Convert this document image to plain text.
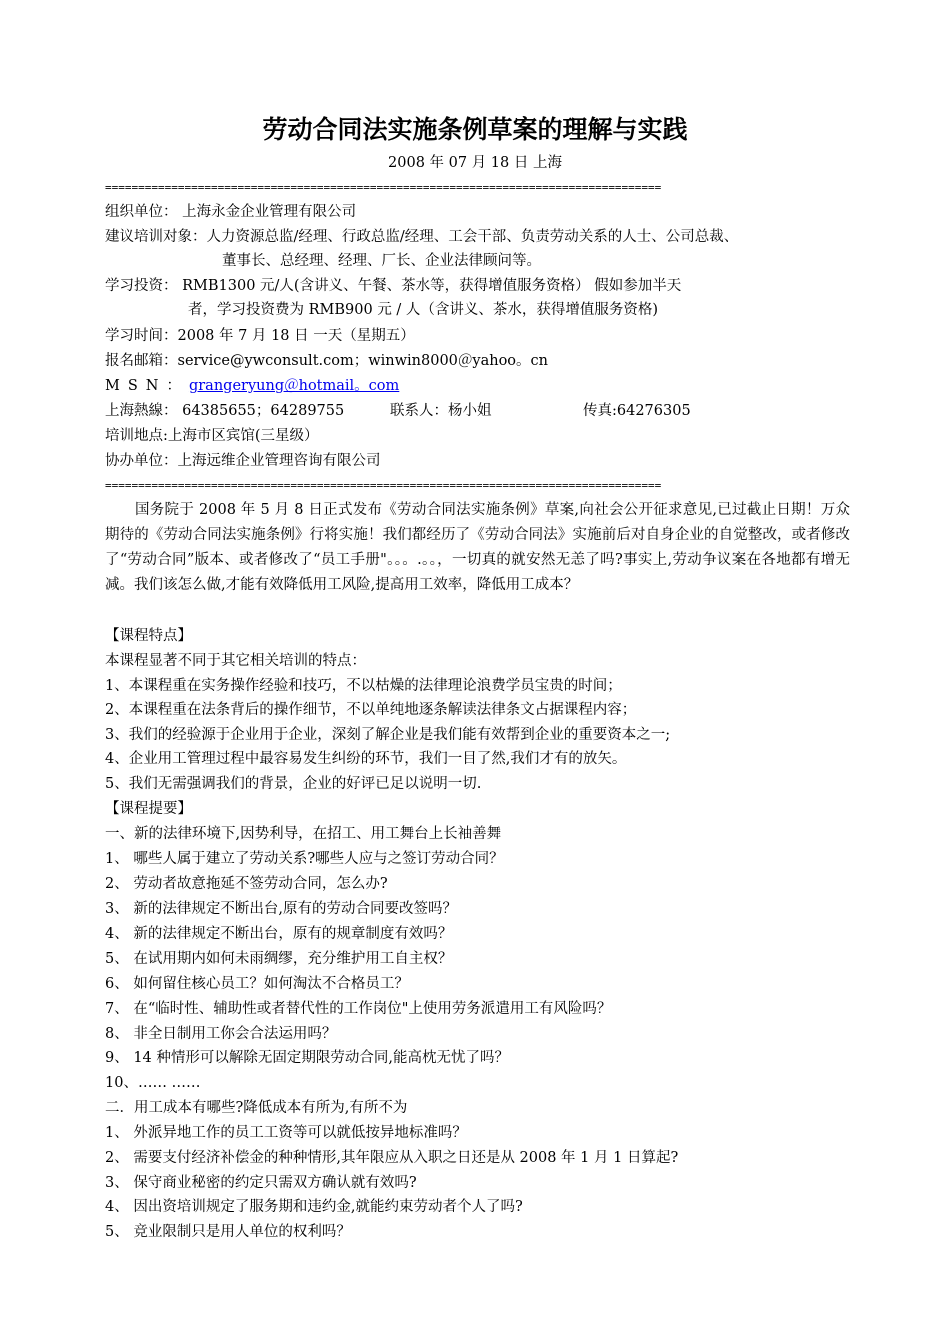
劳动合同法实施条例草案的理解与实践
2008 年 07 月 18 日 上海
====================================================================================
组织单位： 上海永金企业管理有限公司
建议培训对象：人力资源总监/经理、行政总监/经理、工会干部、负责劳动关系的人士、公司总裁、
董事长、总经理、经理、厂长、企业法律顾问等。
学习投资： RMB1300 元/人(含讲义、午餐、茶水等，获得增值服务资格） 假如参加半天
者，学习投资费为 RMB900 元 / 人（含讲义、茶水，获得增值服务资格)
学习时间：2008 年 7 月 18 日 一天（星期五）
报名邮箱：service@ywconsult.com；winwin8000＠yahoo。cn
MSN：grangeryung＠hotmail。com
上海熱線： 64385655；64289755	联系人：杨小姐	传真:64276305
培训地点:上海市区宾馆(三星级）
协办单位：上海远维企业管理咨询有限公司
====================================================================================
国务院于 2008 年 5 月 8 日正式发布《劳动合同法实施条例》草案,向社会公开征求意见,已过截止日期！万众期待的《劳动合同法实施条例》行将实施！我们都经历了《劳动合同法》实施前后对自身企业的自觉整改，或者修改了“劳动合同”版本、或者修改了“员工手册"。。。.。。，一切真的就安然无恙了吗?事实上,劳动争议案在各地都有增无减。我们该怎么做,才能有效降低用工风险,提高用工效率，降低用工成本？
【课程特点】
本课程显著不同于其它相关培训的特点：
1、本课程重在实务操作经验和技巧，不以枯燥的法律理论浪费学员宝贵的时间；
2、本课程重在法条背后的操作细节，不以单纯地逐条解读法律条文占据课程内容；
3、我们的经验源于企业用于企业，深刻了解企业是我们能有效帮到企业的重要资本之一;
4、企业用工管理过程中最容易发生纠纷的环节，我们一目了然,我们才有的放矢。
5、我们无需强调我们的背景，企业的好评已足以说明一切.
【课程提要】
一、新的法律环境下,因势利导，在招工、用工舞台上长袖善舞
1、 哪些人属于建立了劳动关系?哪些人应与之签订劳动合同？
2、 劳动者故意拖延不签劳动合同，怎么办?
3、 新的法律规定不断出台,原有的劳动合同要改签吗？
4、 新的法律规定不断出台，原有的规章制度有效吗？
5、 在试用期内如何未雨绸缪，充分维护用工自主权？
6、 如何留住核心员工？如何淘汰不合格员工？
7、 在“临时性、辅助性或者替代性的工作岗位"上使用劳务派遣用工有风险吗？
8、 非全日制用工你会合法运用吗？
9、 14 种情形可以解除无固定期限劳动合同,能高枕无忧了吗？
10、…… ……
二．用工成本有哪些?降低成本有所为,有所不为
1、 外派异地工作的员工工资等可以就低按异地标准吗？
2、 需要支付经济补偿金的种种情形,其年限应从入职之日还是从 2008 年 1 月 1 日算起?
3、 保守商业秘密的约定只需双方确认就有效吗?
4、 因出资培训规定了服务期和违约金,就能约束劳动者个人了吗?
5、 竞业限制只是用人单位的权利吗？
